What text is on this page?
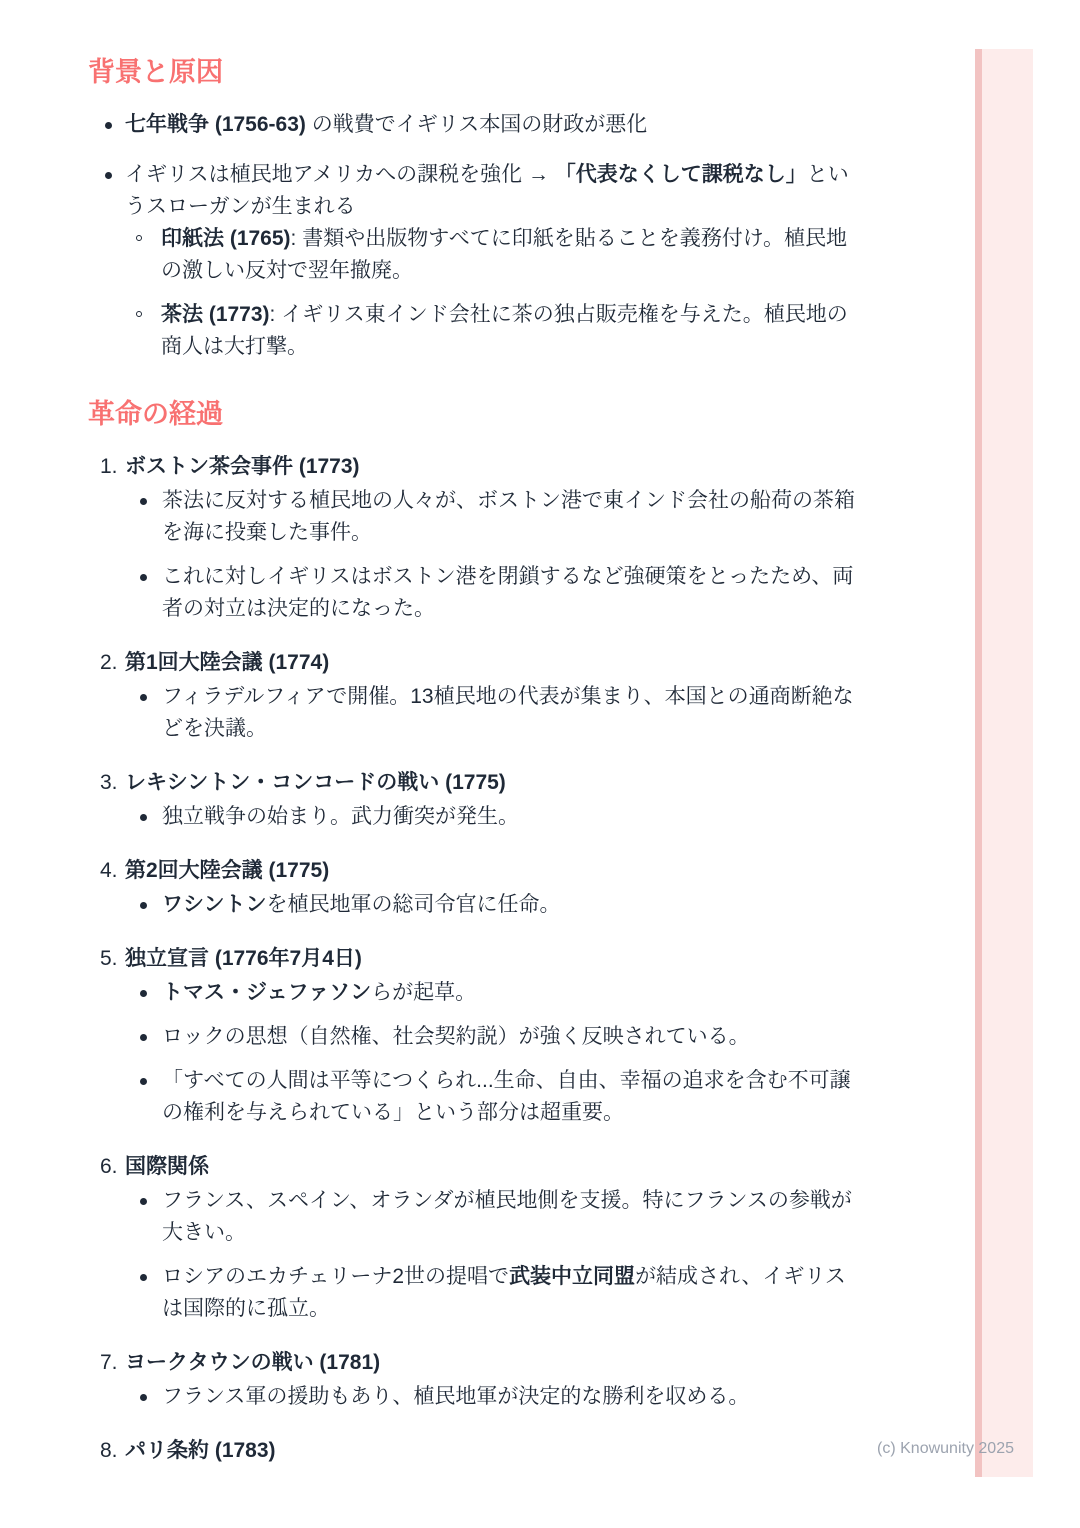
背景と原因
七年戦争 (1756-63) の戦費でイギリス本国の財政が悪化
イギリスは植民地アメリカへの課税を強化 → 「代表なくして課税なし」というスローガンが生まれる
印紙法 (1765): 書類や出版物すべてに印紙を貼ることを義務付け。植民地の激しい反対で翌年撤廃。
茶法 (1773): イギリス東インド会社に茶の独占販売権を与えた。植民地の商人は大打撃。
革命の経過
1. ボストン茶会事件 (1773)
茶法に反対する植民地の人々が、ボストン港で東インド会社の船荷の茶箱を海に投棄した事件。
これに対しイギリスはボストン港を閉鎖するなど強硬策をとったため、両者の対立は決定的になった。
2. 第1回大陸会議 (1774)
フィラデルフィアで開催。13植民地の代表が集まり、本国との通商断絶などを決議。
3. レキシントン・コンコードの戦い (1775)
独立戦争の始まり。武力衝突が発生。
4. 第2回大陸会議 (1775)
ワシントンを植民地軍の総司令官に任命。
5. 独立宣言 (1776年7月4日)
トマス・ジェファソンらが起草。
ロックの思想（自然権、社会契約説）が強く反映されている。
「すべての人間は平等につくられ...生命、自由、幸福の追求を含む不可譲の権利を与えられている」という部分は超重要。
6. 国際関係
フランス、スペイン、オランダが植民地側を支援。特にフランスの参戦が大きい。
ロシアのエカチェリーナ2世の提唱で武装中立同盟が結成され、イギリスは国際的に孤立。
7. ヨークタウンの戦い (1781)
フランス軍の援助もあり、植民地軍が決定的な勝利を収める。
8. パリ条約 (1783)	(c) Knowunity 2025
